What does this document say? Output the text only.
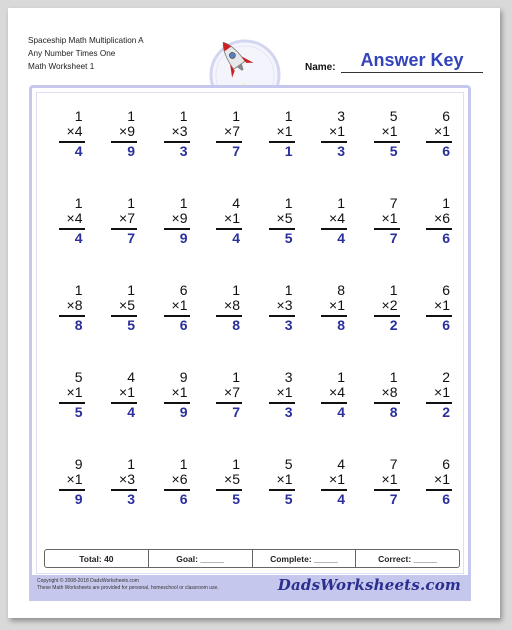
Spaceship Math Multiplication A
Any Number Times One
Math Worksheet 1	Name:	Answer Key
1
×4
4
1
×9
9
1
×3
3
1
×7
7
1
×1
1
3
×1
3
5
×1
5
6
×1
6
1
×4
4
1
×7
7
1
×9
9
4
×1
4
1
×5
5
1
×4
4
7
×1
7
1
×6
6
1
×8
8
1
×5
5
6
×1
6
1
×8
8
1
×3
3
8
×1
8
1
×2
2
6
×1
6
5
×1
5
4
×1
4
9
×1
9
1
×7
7
3
×1
3
1
×4
4
1
×8
8
2
×1
2
9
×1
9
1
×3
3
1
×6
6
1
×5
5
5
×1
5
4
×1
4
7
×1
7
6
×1
6
Total: 40	Goal: _____	Complete: _____	Correct: _____
Copyright © 2008-2018 DadsWorksheets.com
These Math Worksheets are provided for personal, homeschool or classroom use.	DadsWorksheets.com
